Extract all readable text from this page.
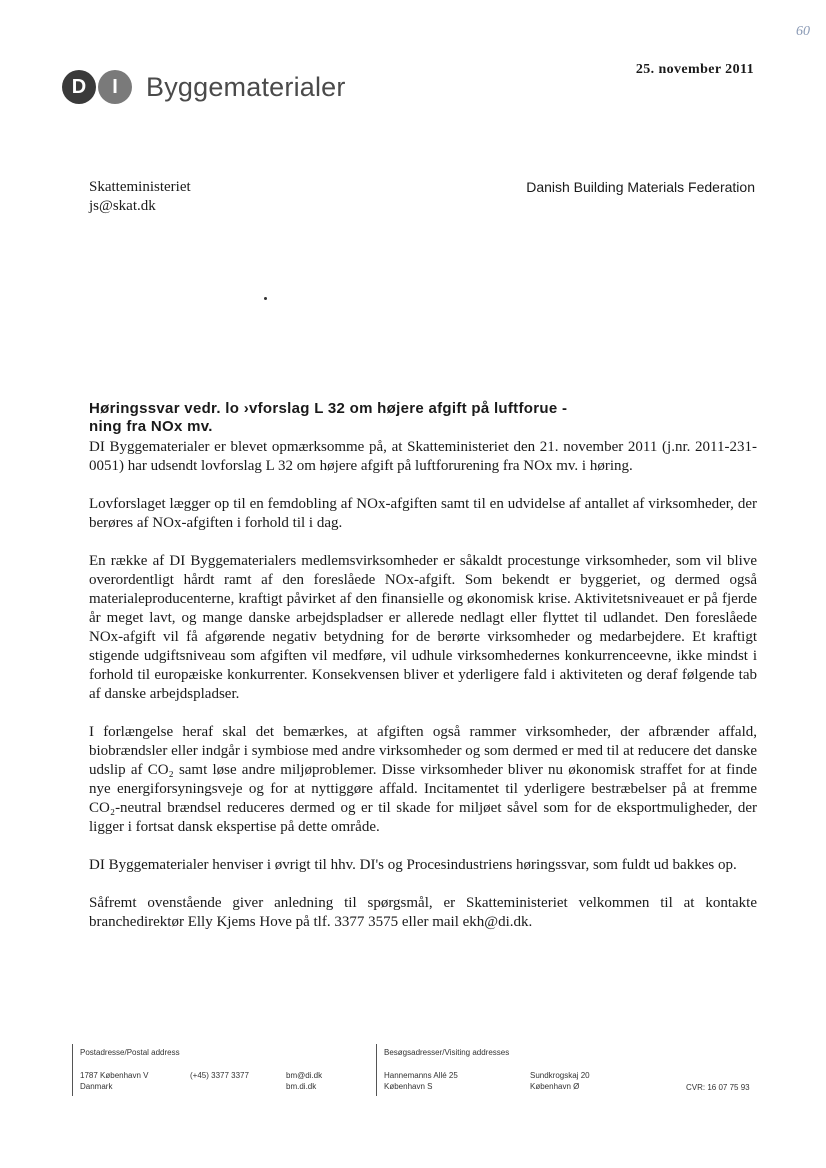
60
D	I	Byggematerialer
25. november 2011
Skatteministeriet
js@skat.dk
Danish Building Materials Federation
Høringssvar vedr. lo ›vforslag L 32 om højere afgift på luftforue -
ning fra NOx mv.

DI Byggematerialer er blevet opmærksomme på, at Skatteministeriet den 21. november 2011 (j.nr. 2011-231-0051) har udsendt lovforslag L 32 om højere afgift på luftforurening fra NOx mv. i høring.

Lovforslaget lægger op til en femdobling af NOx-afgiften samt til en udvidelse af antallet af virksomheder, der berøres af NOx-afgiften i forhold til i dag.

En række af DI Byggematerialers medlemsvirksomheder er såkaldt procestunge virksomheder, som vil blive overordentligt hårdt ramt af den foreslåede NOx-afgift. Som bekendt er byggeriet, og dermed også materialeproducenterne, kraftigt påvirket af den finansielle og økonomisk krise. Aktivitetsniveauet er på fjerde år meget lavt, og mange danske arbejdspladser er allerede nedlagt eller flyttet til udlandet. Den foreslåede NOx-afgift vil få afgørende negativ betydning for de berørte virksomheder og medarbejdere. Et kraftigt stigende udgiftsniveau som afgiften vil medføre, vil udhule virksomhedernes konkurrenceevne, ikke mindst i forhold til europæiske konkurrenter. Konsekvensen bliver et yderligere fald i aktiviteten og deraf følgende tab af danske arbejdspladser.

I forlængelse heraf skal det bemærkes, at afgiften også rammer virksomheder, der afbrænder affald, biobrændsler eller indgår i symbiose med andre virksomheder og som dermed er med til at reducere det danske udslip af CO₂ samt løse andre miljøproblemer. Disse virksomheder bliver nu økonomisk straffet for at finde nye energiforsyningsveje og for at nyttiggøre affald. Incitamentet til yderligere bestræbelser på at fremme CO₂-neutral brændsel reduceres dermed og er til skade for miljøet såvel som for de eksportmuligheder, der ligger i fortsat dansk ekspertise på dette område.

DI Byggematerialer henviser i øvrigt til hhv. DI's og Procesindustriens høringssvar, som fuldt ud bakkes op.

Såfremt ovenstående giver anledning til spørgsmål, er Skatteministeriet velkommen til at kontakte branchedirektør Elly Kjems Hove på tlf. 3377 3575 eller mail ekh@di.dk.

Postadresse/Postal address
1787 København V
Danmark
(+45) 3377 3377	bm@di.dk
bm.di.dk
Besøgsadresser/Visiting addresses
Hannemanns Allé 25
København S
Sundkrogskaj 20
København Ø	CVR: 16 07 75 93
